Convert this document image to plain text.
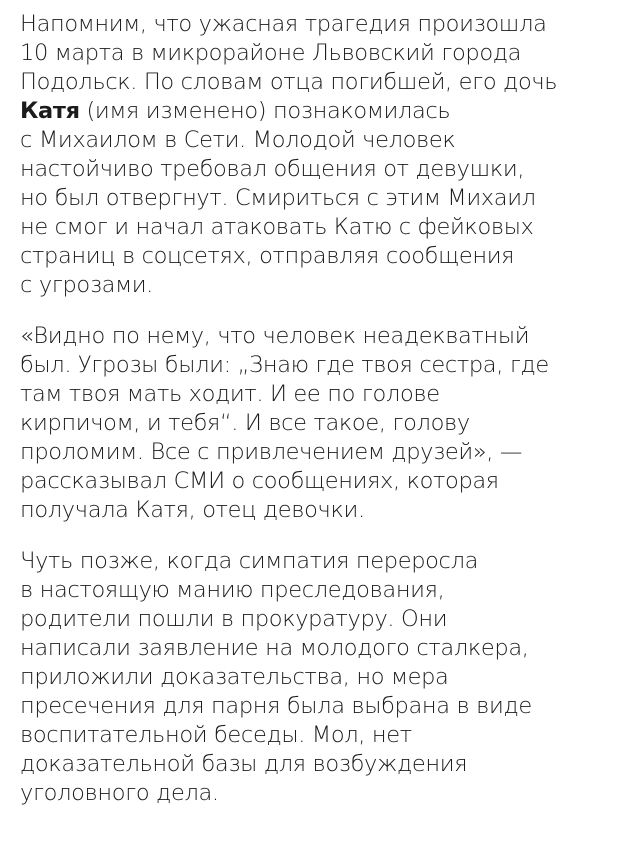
Напомним, что ужасная трагедия произошла
10 марта в микрорайоне Львовский города
Подольск. По словам отца погибшей, его дочь
Катя (имя изменено) познакомилась
с Михаилом в Сети. Молодой человек
настойчиво требовал общения от девушки,
но был отвергнут. Смириться с этим Михаил
не смог и начал атаковать Катю с фейковых
страниц в соцсетях, отправляя сообщения
с угрозами.

«Видно по нему, что человек неадекватный
был. Угрозы были: „Знаю где твоя сестра, где
там твоя мать ходит. И ее по голове
кирпичом, и тебя“. И все такое, голову
проломим. Все с привлечением друзей», —
рассказывал СМИ о сообщениях, которая
получала Катя, отец девочки.

Чуть позже, когда симпатия переросла
в настоящую манию преследования,
родители пошли в прокуратуру. Они
написали заявление на молодого сталкера,
приложили доказательства, но мера
пресечения для парня была выбрана в виде
воспитательной беседы. Мол, нет
доказательной базы для возбуждения
уголовного дела.
